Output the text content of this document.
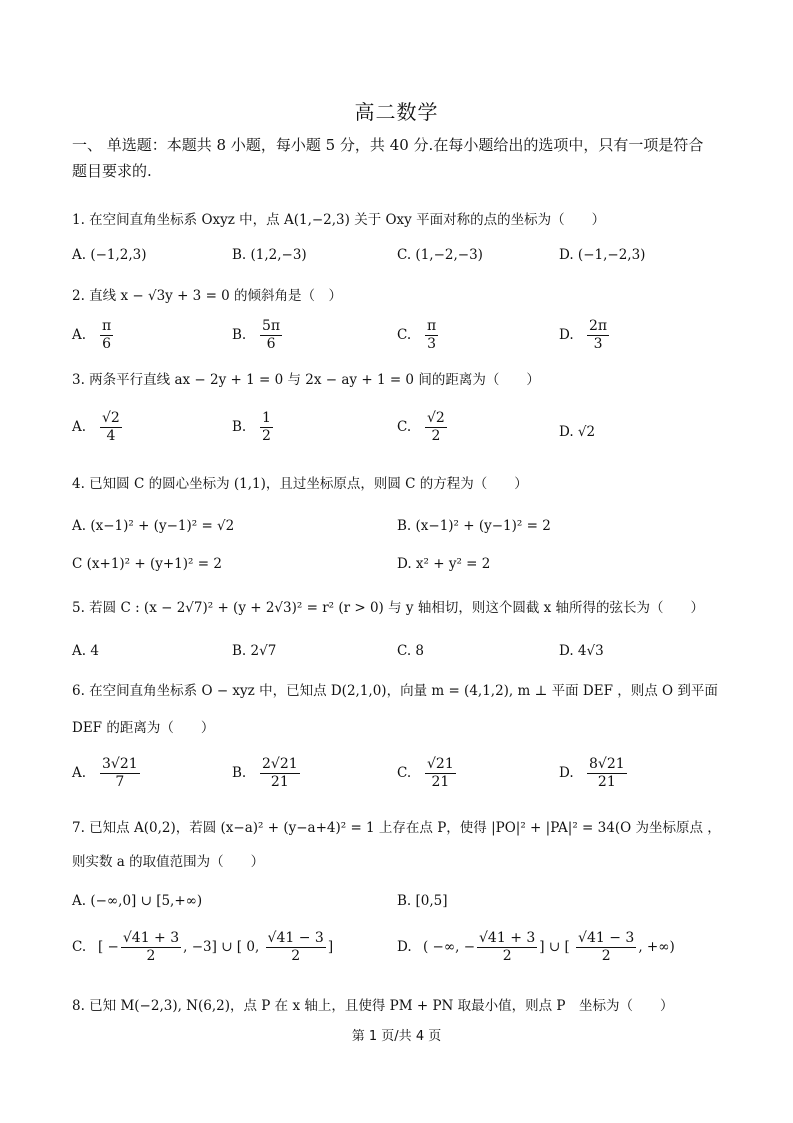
高二数学
一、 单选题：本题共 8 小题，每小题 5 分，共 40 分.在每小题给出的选项中，只有一项是符合
题目要求的.
1. 在空间直角坐标系 Oxyz 中，点 A(1,−2,3) 关于 Oxy 平面对称的点的坐标为（　　）
A. (−1,2,3)	B. (1,2,−3)	C. (1,−2,−3)	D. (−1,−2,3)
2. 直线 x − √3y + 3 = 0 的倾斜角是（　）
A. $\frac{\pi}{6}$	B. $\frac{5\pi}{6}$	C. $\frac{\pi}{3}$	D. $\frac{2\pi}{3}$
3. 两条平行直线 ax − 2y + 1 = 0 与 2x − ay + 1 = 0 间的距离为（　　）
A. $\frac{√2}{4}$	B. $\frac{1}{2}$	C. $\frac{√2}{2}$	D. √2
4. 已知圆 C 的圆心坐标为 (1,1)，且过坐标原点，则圆 C 的方程为（　　）
A. (x−1)² + (y−1)² = √2	B. (x−1)² + (y−1)² = 2
C (x+1)² + (y+1)² = 2	D. x² + y² = 2
5. 若圆 C : (x − 2√7)² + (y + 2√3)² = r² (r > 0) 与 y 轴相切，则这个圆截 x 轴所得的弦长为（　　）
A. 4	B. 2√7	C. 8	D. 4√3
6. 在空间直角坐标系 O − xyz 中，已知点 D(2,1,0)，向量 m = (4,1,2), m ⊥ 平面 DEF ，则点 O 到平面
DEF 的距离为（　　）
A. $\frac{3√21}{7}$	B. $\frac{2√21}{21}$	C. $\frac{√21}{21}$	D. $\frac{8√21}{21}$
7. 已知点 A(0,2)，若圆 (x−a)² + (y−a+4)² = 1 上存在点 P，使得 |PO|² + |PA|² = 34(O 为坐标原点 ，
则实数 a 的取值范围为（　　）
A. (−∞,0] ∪ [5,+∞)	B. [0,5]
C. [ − $\frac{√41 + 3}{2}$ , −3] ∪ [ 0, $\frac{√41 - 3}{2}$ ]	D. ( −∞, − $\frac{√41 + 3}{2}$ ] ∪ [ $\frac{√41 - 3}{2}$ , +∞)
8. 已知 M(−2,3), N(6,2)，点 P 在 x 轴上，且使得 PM + PN 取最小值，则点 P　坐标为（　　）
第 1 页/共 4 页
